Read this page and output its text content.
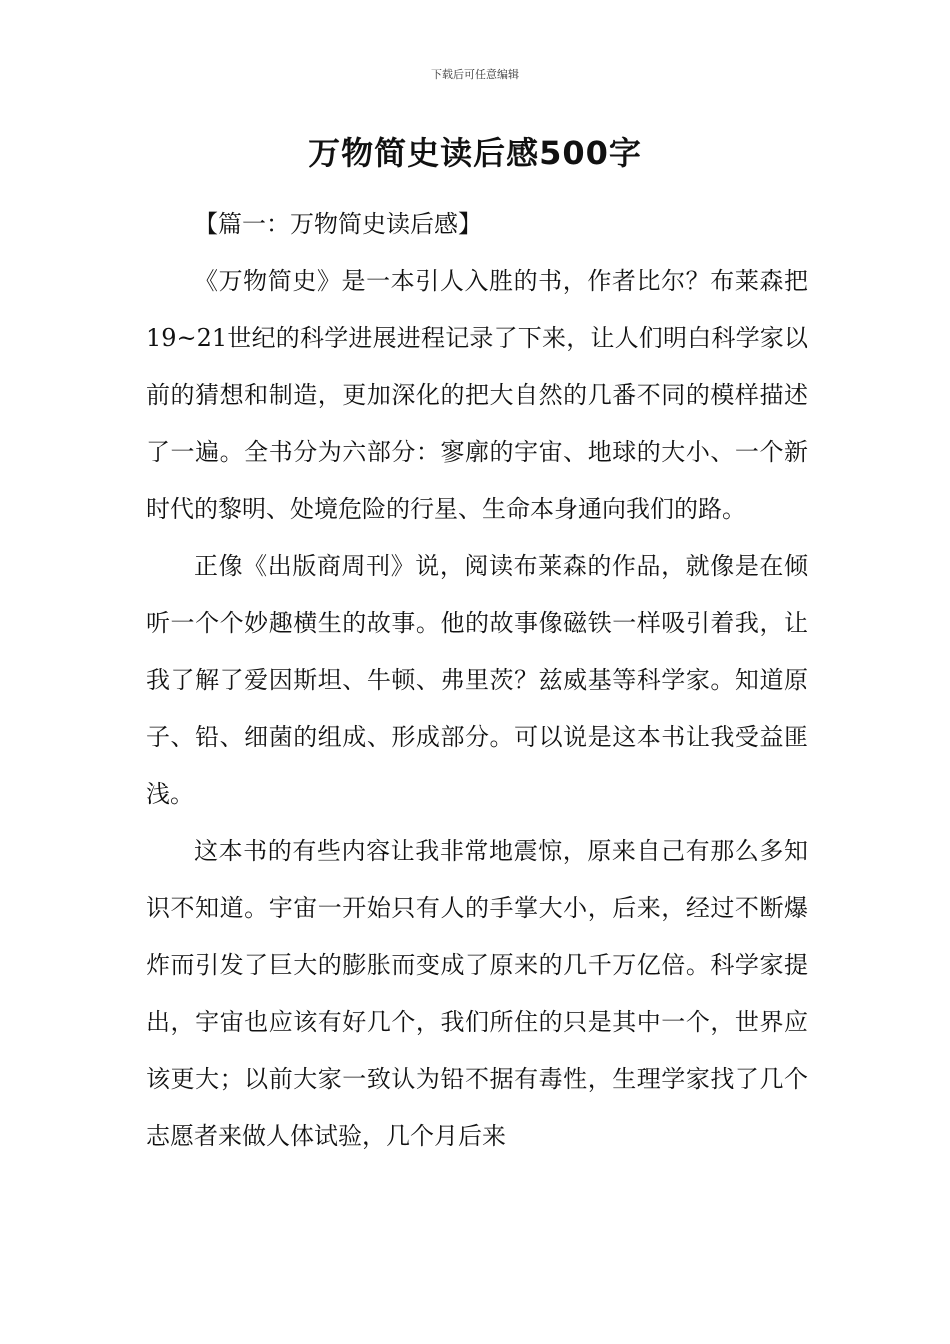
下载后可任意编辑
万物简史读后感500字

【篇一：万物简史读后感】

《万物简史》是一本引人入胜的书，作者比尔？布莱森把19~21世纪的科学进展进程记录了下来，让人们明白科学家以前的猜想和制造，更加深化的把大自然的几番不同的模样描述了一遍。全书分为六部分：寥廓的宇宙、地球的大小、一个新时代的黎明、处境危险的行星、生命本身通向我们的路。

正像《出版商周刊》说，阅读布莱森的作品，就像是在倾听一个个妙趣横生的故事。他的故事像磁铁一样吸引着我，让我了解了爱因斯坦、牛顿、弗里茨？兹威基等科学家。知道原子、铅、细菌的组成、形成部分。可以说是这本书让我受益匪浅。

这本书的有些内容让我非常地震惊，原来自己有那么多知识不知道。宇宙一开始只有人的手掌大小，后来，经过不断爆炸而引发了巨大的膨胀而变成了原来的几千万亿倍。科学家提出，宇宙也应该有好几个，我们所住的只是其中一个，世界应该更大；以前大家一致认为铅不据有毒性，生理学家找了几个志愿者来做人体试验，几个月后来
